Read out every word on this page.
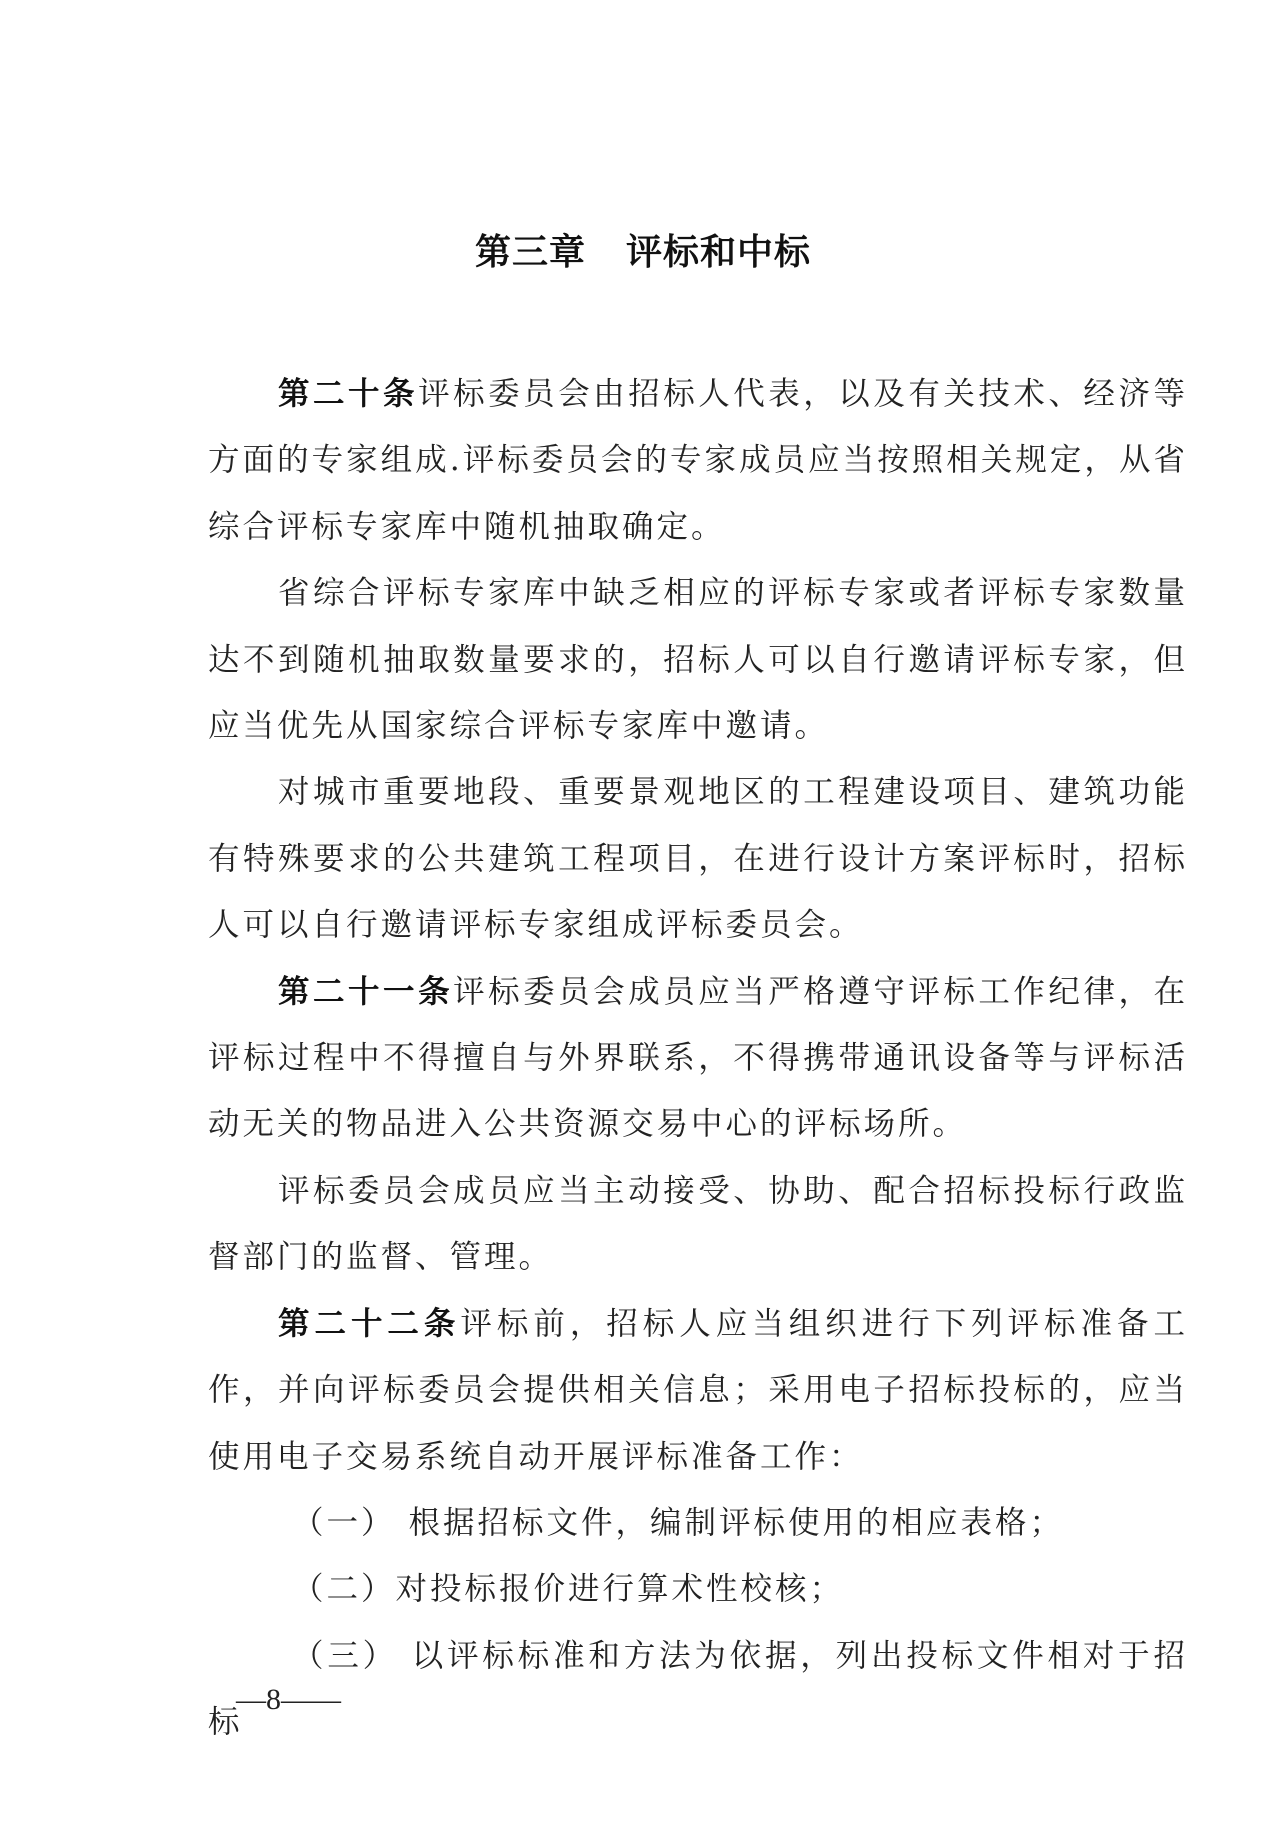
第三章 评标和中标

第二十条评标委员会由招标人代表，以及有关技术、经济等方面的专家组成.评标委员会的专家成员应当按照相关规定，从省综合评标专家库中随机抽取确定。

省综合评标专家库中缺乏相应的评标专家或者评标专家数量达不到随机抽取数量要求的，招标人可以自行邀请评标专家，但应当优先从国家综合评标专家库中邀请。

对城市重要地段、重要景观地区的工程建设项目、建筑功能有特殊要求的公共建筑工程项目，在进行设计方案评标时，招标人可以自行邀请评标专家组成评标委员会。

第二十一条评标委员会成员应当严格遵守评标工作纪律，在评标过程中不得擅自与外界联系，不得携带通讯设备等与评标活动无关的物品进入公共资源交易中心的评标场所。

评标委员会成员应当主动接受、协助、配合招标投标行政监督部门的监督、管理。

第二十二条评标前，招标人应当组织进行下列评标准备工作，并向评标委员会提供相关信息；采用电子招标投标的，应当使用电子交易系统自动开展评标准备工作：

（一） 根据招标文件，编制评标使用的相应表格；

（二）对投标报价进行算术性校核；

（三） 以评标标准和方法为依据，列出投标文件相对于招标

—8——
